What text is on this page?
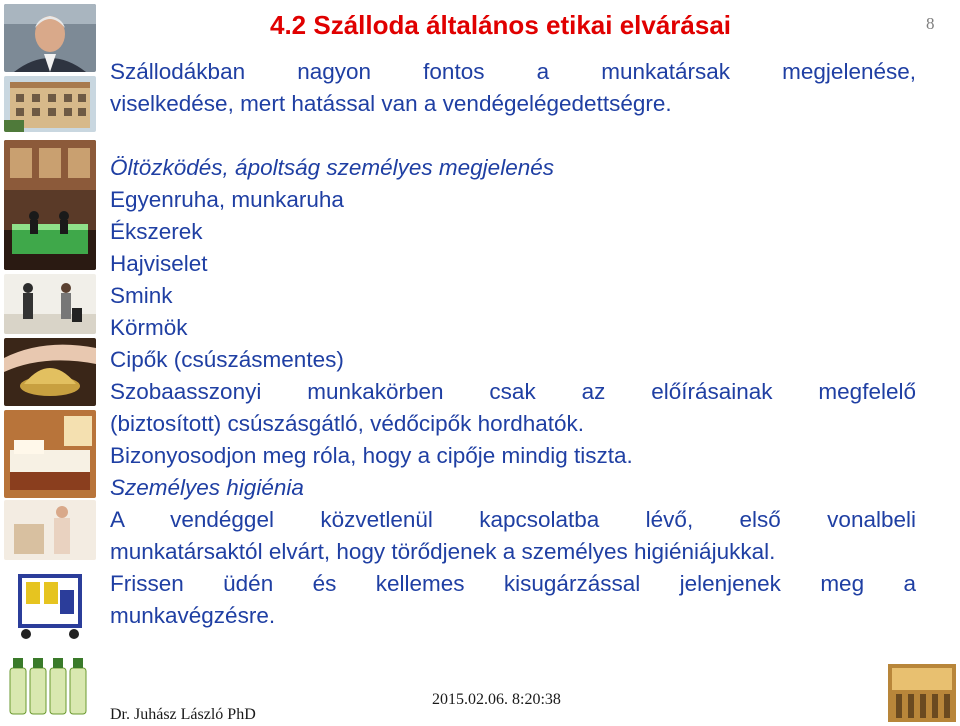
4.2 Szálloda általános etikai elvárásai	8

Szállodákban nagyon fontos a munkatársak megjelenése,

viselkedése, mert hatással van a vendégelégedettségre.

Öltözködés, ápoltság személyes megjelenés

Egyenruha, munkaruha

Ékszerek

Hajviselet

Smink

Körmök

Cipők (csúszásmentes)

Szobaasszonyi munkakörben csak az előírásainak megfelelő

(biztosított) csúszásgátló, védőcipők hordhatók.

Bizonyosodjon meg róla, hogy a cipője mindig tiszta.

Személyes higiénia

A vendéggel közvetlenül kapcsolatba lévő, első vonalbeli

munkatársaktól elvárt, hogy törődjenek a személyes higiéniájukkal.

Frissen üdén és kellemes kisugárzással jelenjenek meg a

munkavégzésre.

2015.02.06. 8:20:38
Dr. Juhász László PhD
